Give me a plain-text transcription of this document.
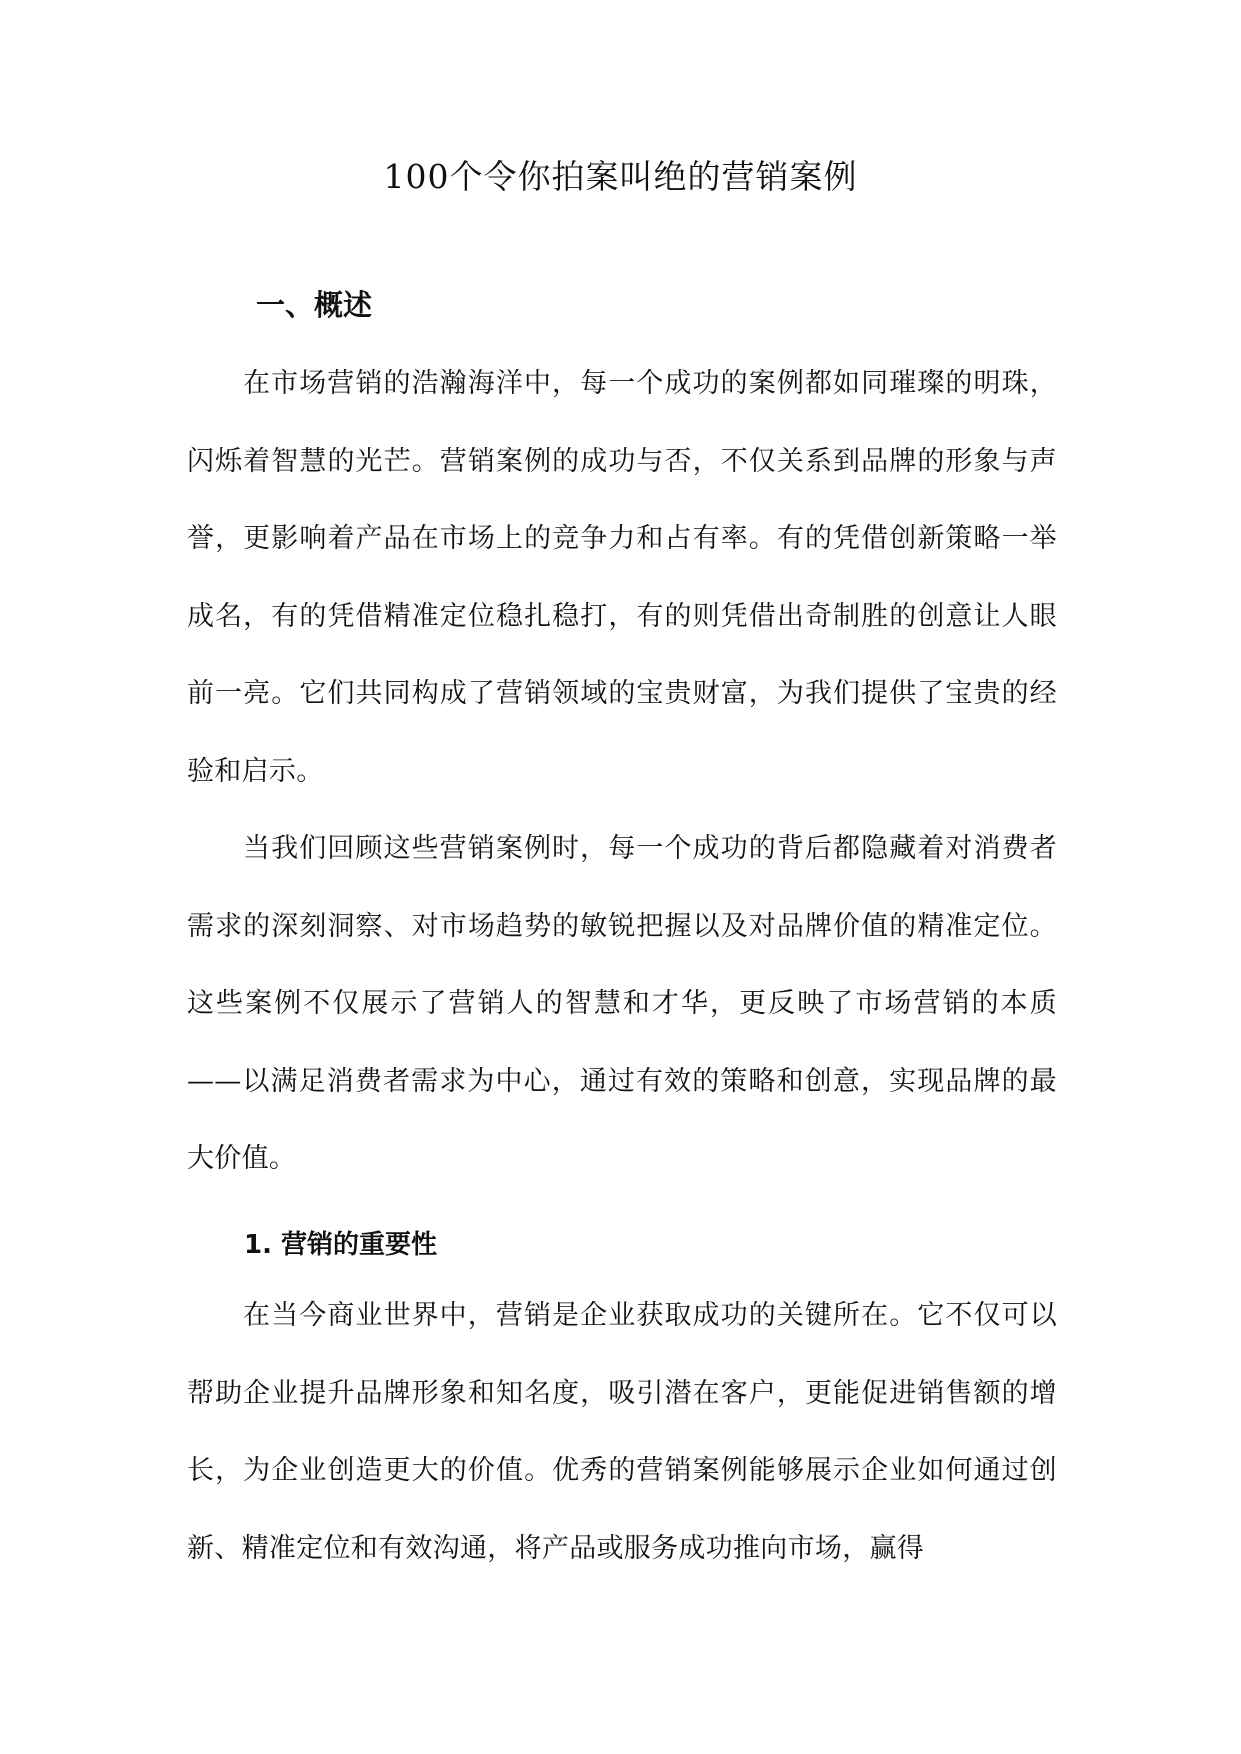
100个令你拍案叫绝的营销案例
一、概述

在市场营销的浩瀚海洋中，每一个成功的案例都如同璀璨的明珠，闪烁着智慧的光芒。营销案例的成功与否，不仅关系到品牌的形象与声誉，更影响着产品在市场上的竞争力和占有率。有的凭借创新策略一举成名，有的凭借精准定位稳扎稳打，有的则凭借出奇制胜的创意让人眼前一亮。它们共同构成了营销领域的宝贵财富，为我们提供了宝贵的经验和启示。

当我们回顾这些营销案例时，每一个成功的背后都隐藏着对消费者需求的深刻洞察、对市场趋势的敏锐把握以及对品牌价值的精准定位。这些案例不仅展示了营销人的智慧和才华，更反映了市场营销的本质——以满足消费者需求为中心，通过有效的策略和创意，实现品牌的最大价值。

1. 营销的重要性

在当今商业世界中，营销是企业获取成功的关键所在。它不仅可以帮助企业提升品牌形象和知名度，吸引潜在客户，更能促进销售额的增长，为企业创造更大的价值。优秀的营销案例能够展示企业如何通过创新、精准定位和有效沟通，将产品或服务成功推向市场，赢得
